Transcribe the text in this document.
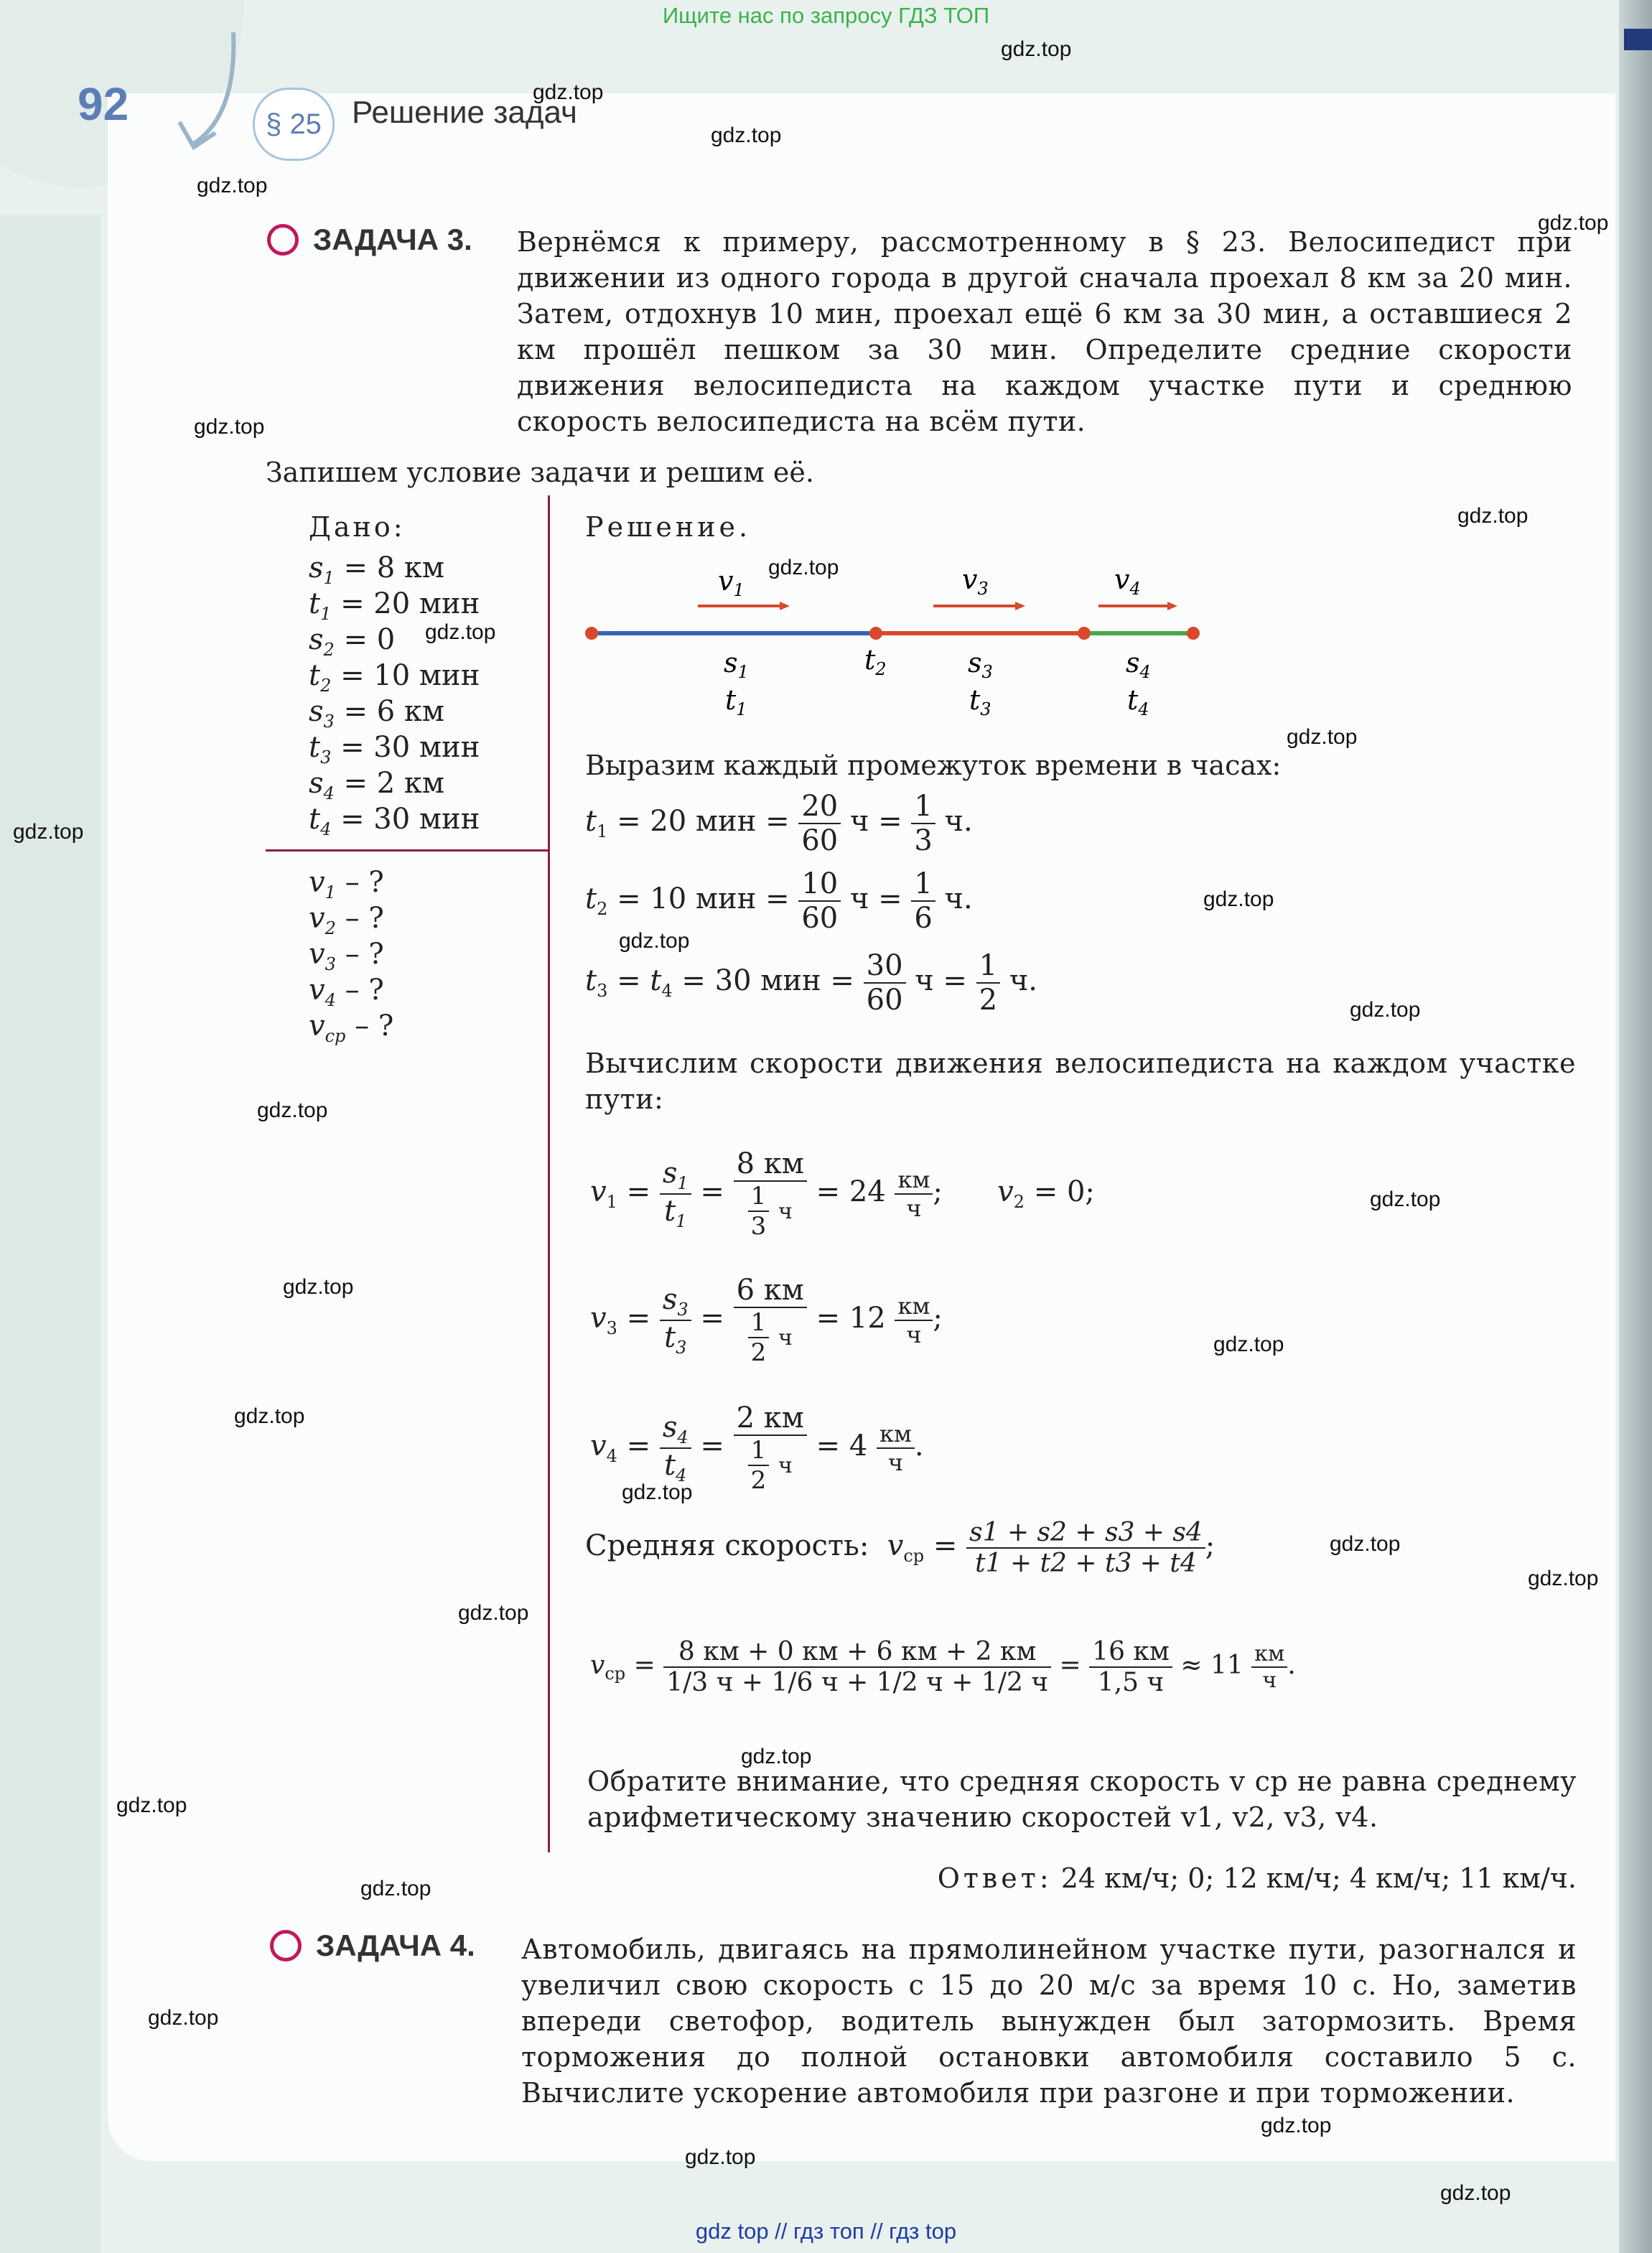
Ищите нас по запросу ГДЗ ТОП
92	§ 25 Решение задач
ЗАДАЧА 3. Вернёмся к примеру, рассмотренному в § 23. Велосипедист при движении из одного города в другой сначала проехал 8 км за 20 мин. Затем, отдохнув 10 мин, проехал ещё 6 км за 30 мин, а оставшиеся 2 км прошёл пешком за 30 мин. Определите средние скорости движения велосипедиста на каждом участке пути и среднюю скорость велосипедиста на всём пути.
Запишем условие задачи и решим её.
Дано:
$s_1 = 8$ км
$t_1 = 20$ мин
$s_2 = 0$
$t_2 = 10$ мин
$s_3 = 6$ км
$t_3 = 30$ мин
$s_4 = 2$ км
$t_4 = 30$ мин
$v_1$ – ?
$v_2$ – ?
$v_3$ – ?
$v_4$ – ?
$v_{ср}$ – ?
Решение.
$v_1$	$v_3$	$v_4$
$s_1$	$t_2$	$s_3$	$s_4$
$t_1$	$t_3$	$t_4$
Выразим каждый промежуток времени в часах:
$t_1 = 20$ мин = $\frac{20}{60}$ $ч = \frac{1}{3} ч$.
$t_2 = 10$ мин = $\frac{10}{60}$ $ч = \frac{1}{6} ч$.
$t_3 = t_4 = 30$ мин = $\frac{30}{60}$ $ч = \frac{1}{2} ч$.
Вычислим скорости движения велосипедиста на каждом участке пути:
$v_1 = \frac{s_1}{t_1} = \frac{8 км}{\frac{1}{3} ч} = 24 \frac{км}{ч}$ ; $v_2 = 0$;
$v_3 = \frac{s_3}{t_3} = \frac{6 км}{\frac{1}{2} ч} = 12 \frac{км}{ч}$ ;
$v_4 = \frac{s_4}{t_4} = \frac{2 км}{\frac{1}{2} ч} = 4 \frac{км}{ч}$ .
Средняя скорость: $v_{ср} = \frac{s1 + s2 + s3 + s4}{t1 + t2 + t3 + t4}$ ;
$v_{ср} = \frac{8 км + 0 км + 6 км + 2 км}{1/3 ч + 1/6 ч + 1/2 ч + 1/2 ч} = \frac{16 км}{1,5 ч} \approx 11 \frac{км}{ч}$ .
Обратите внимание, что средняя скорость v ср не равна среднему арифметическому значению скоростей v1, v2, v3, v4.
Ответ: 24 км/ч; 0; 12 км/ч; 4 км/ч; 11 км/ч.
ЗАДАЧА 4. Автомобиль, двигаясь на прямолинейном участке пути, разогнался и увеличил свою скорость с 15 до 20 м/с за время 10 с. Но, заметив впереди светофор, водитель вынужден был затормозить. Время торможения до полной остановки автомобиля составило 5 с. Вычислите ускорение автомобиля при разгоне и при торможении.
gdz.top
gdz.top
gdz.top
gdz.top
gdz.top
gdz.top
gdz.top
gdz.top
gdz.top
gdz.top
gdz.top
gdz.top
gdz.top
gdz.top
gdz.top
gdz.top
gdz.top
gdz.top
gdz.top
gdz.top
gdz.top
gdz.top
gdz.top
gdz.top
gdz.top
gdz.top
gdz.top
gdz.top
gdz.top
gdz.top
gdz top // гдз топ // гдз top
